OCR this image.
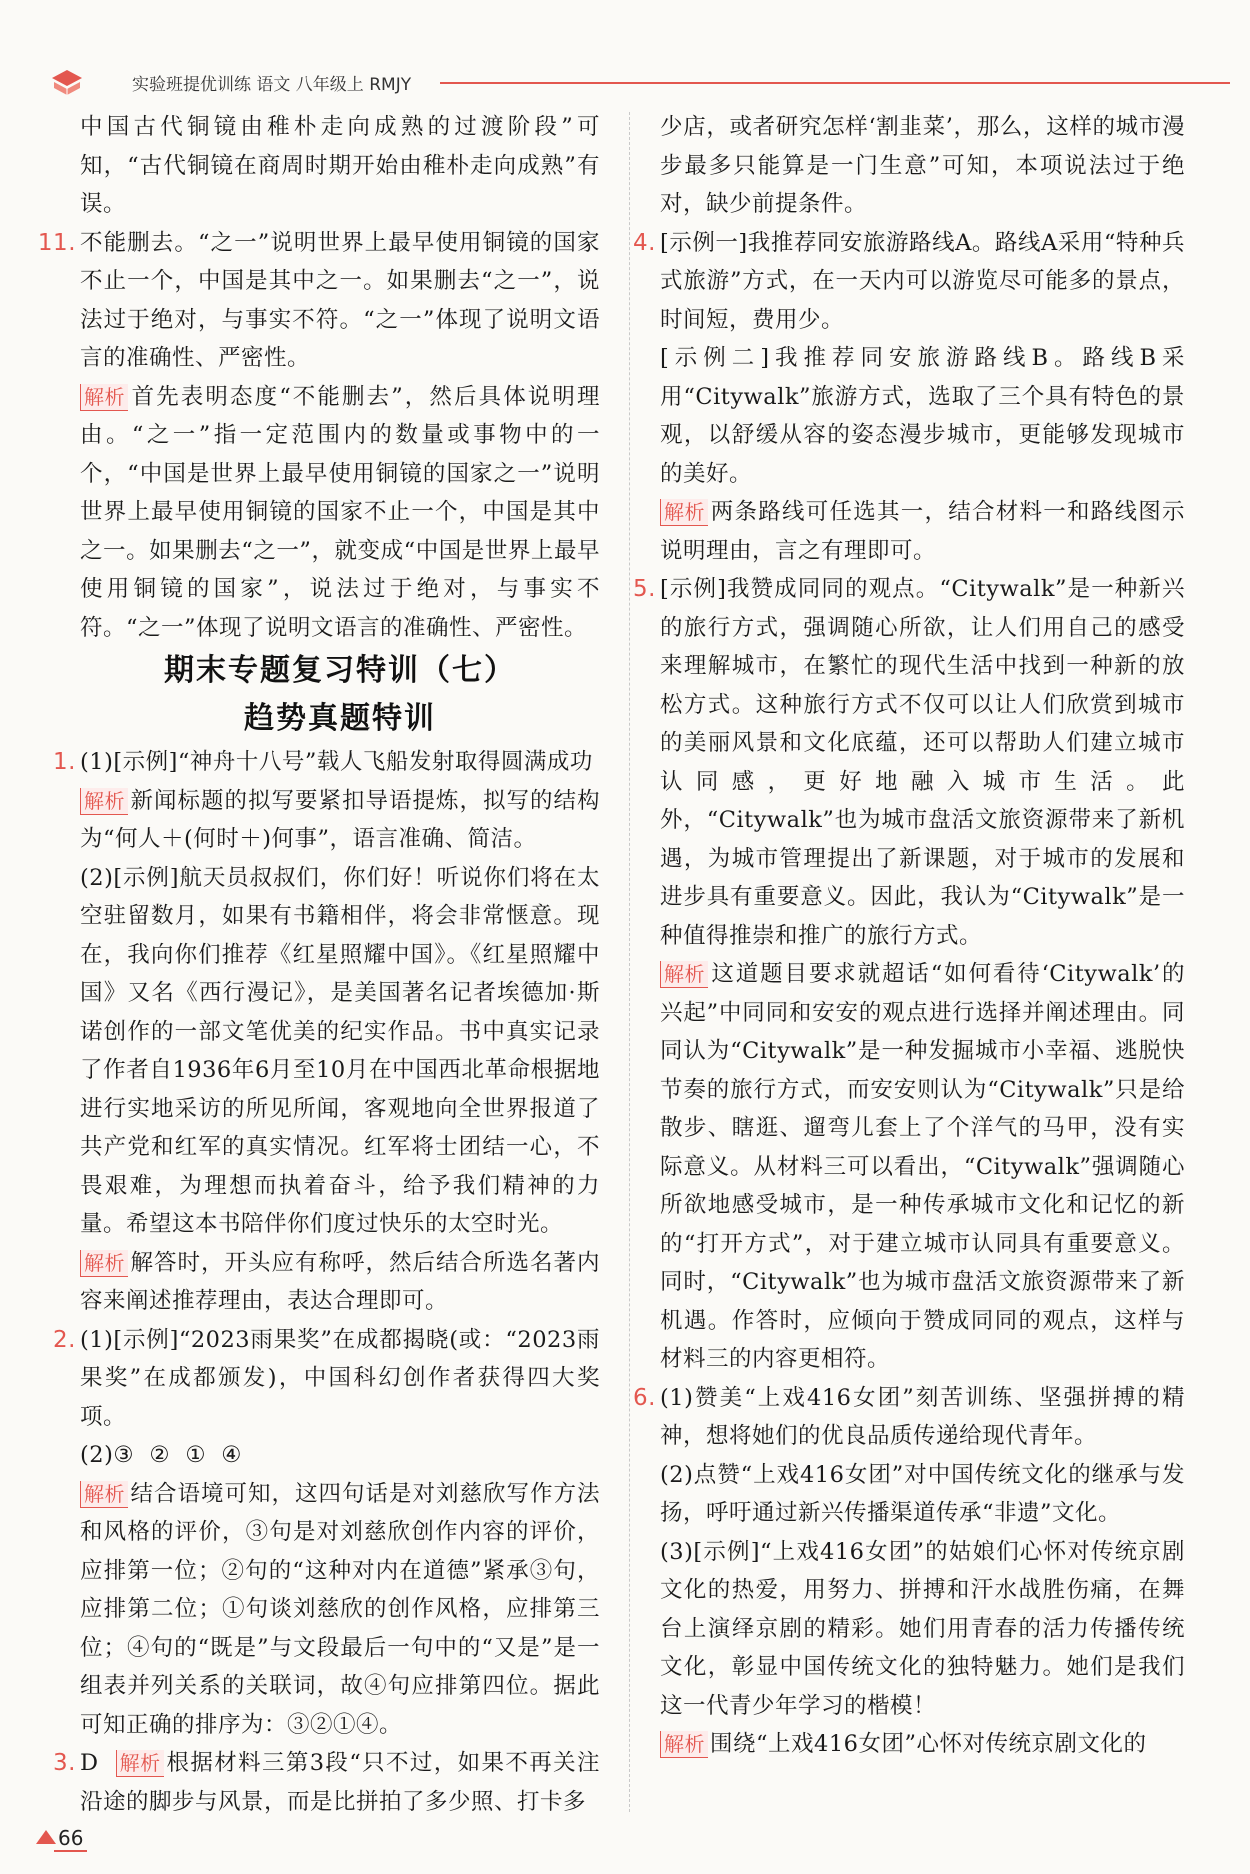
实验班提优训练 语文 八年级上 RMJY
中国古代铜镜由稚朴走向成熟的过渡阶段”可知，“古代铜镜在商周时期开始由稚朴走向成熟”有误。
11. 不能删去。“之一”说明世界上最早使用铜镜的国家不止一个，中国是其中之一。如果删去“之一”，说法过于绝对，与事实不符。“之一”体现了说明文语言的准确性、严密性。
解析 首先表明态度“不能删去”，然后具体说明理由。“之一”指一定范围内的数量或事物中的一个，“中国是世界上最早使用铜镜的国家之一”说明世界上最早使用铜镜的国家不止一个，中国是其中之一。如果删去“之一”，就变成“中国是世界上最早使用铜镜的国家”，说法过于绝对，与事实不符。“之一”体现了说明文语言的准确性、严密性。
期末专题复习特训（七）
趋势真题特训
1. (1)[示例]“神舟十八号”载人飞船发射取得圆满成功
解析 新闻标题的拟写要紧扣导语提炼，拟写的结构为“何人＋(何时＋)何事”，语言准确、简洁。
(2)[示例]航天员叔叔们，你们好！听说你们将在太空驻留数月，如果有书籍相伴，将会非常惬意。现在，我向你们推荐《红星照耀中国》。《红星照耀中国》又名《西行漫记》，是美国著名记者埃德加·斯诺创作的一部文笔优美的纪实作品。书中真实记录了作者自1936年6月至10月在中国西北革命根据地进行实地采访的所见所闻，客观地向全世界报道了共产党和红军的真实情况。红军将士团结一心，不畏艰难，为理想而执着奋斗，给予我们精神的力量。希望这本书陪伴你们度过快乐的太空时光。
解析 解答时，开头应有称呼，然后结合所选名著内容来阐述推荐理由，表达合理即可。
2. (1)[示例]“2023雨果奖”在成都揭晓(或：“2023雨果奖”在成都颁发)，中国科幻创作者获得四大奖项。
(2)③  ②  ①  ④
解析 结合语境可知，这四句话是对刘慈欣写作方法和风格的评价，③句是对刘慈欣创作内容的评价，应排第一位；②句的“这种对内在道德”紧承③句，应排第二位；①句谈刘慈欣的创作风格，应排第三位；④句的“既是”与文段最后一句中的“又是”是一组表并列关系的关联词，故④句应排第四位。据此可知正确的排序为：③②①④。
3. D 解析 根据材料三第3段“只不过，如果不再关注沿途的脚步与风景，而是比拼拍了多少照、打卡多
少店，或者研究怎样‘割韭菜’，那么，这样的城市漫步最多只能算是一门生意”可知，本项说法过于绝对，缺少前提条件。
4. [示例一]我推荐同安旅游路线A。路线A采用“特种兵式旅游”方式，在一天内可以游览尽可能多的景点，时间短，费用少。
[示例二]我推荐同安旅游路线B。路线B采用“Citywalk”旅游方式，选取了三个具有特色的景观，以舒缓从容的姿态漫步城市，更能够发现城市的美好。
解析 两条路线可任选其一，结合材料一和路线图示说明理由，言之有理即可。
5. [示例]我赞成同同的观点。“Citywalk”是一种新兴的旅行方式，强调随心所欲，让人们用自己的感受来理解城市，在繁忙的现代生活中找到一种新的放松方式。这种旅行方式不仅可以让人们欣赏到城市的美丽风景和文化底蕴，还可以帮助人们建立城市认同感，更好地融入城市生活。此外，“Citywalk”也为城市盘活文旅资源带来了新机遇，为城市管理提出了新课题，对于城市的发展和进步具有重要意义。因此，我认为“Citywalk”是一种值得推崇和推广的旅行方式。
解析 这道题目要求就超话“如何看待‘Citywalk’的兴起”中同同和安安的观点进行选择并阐述理由。同同认为“Citywalk”是一种发掘城市小幸福、逃脱快节奏的旅行方式，而安安则认为“Citywalk”只是给散步、瞎逛、遛弯儿套上了个洋气的马甲，没有实际意义。从材料三可以看出，“Citywalk”强调随心所欲地感受城市，是一种传承城市文化和记忆的新的“打开方式”，对于建立城市认同具有重要意义。同时，“Citywalk”也为城市盘活文旅资源带来了新机遇。作答时，应倾向于赞成同同的观点，这样与材料三的内容更相符。
6. (1)赞美“上戏416女团”刻苦训练、坚强拼搏的精神，想将她们的优良品质传递给现代青年。
(2)点赞“上戏416女团”对中国传统文化的继承与发扬，呼吁通过新兴传播渠道传承“非遗”文化。
(3)[示例]“上戏416女团”的姑娘们心怀对传统京剧文化的热爱，用努力、拼搏和汗水战胜伤痛，在舞台上演绎京剧的精彩。她们用青春的活力传播传统文化，彰显中国传统文化的独特魅力。她们是我们这一代青少年学习的楷模！
解析 围绕“上戏416女团”心怀对传统京剧文化的
66
